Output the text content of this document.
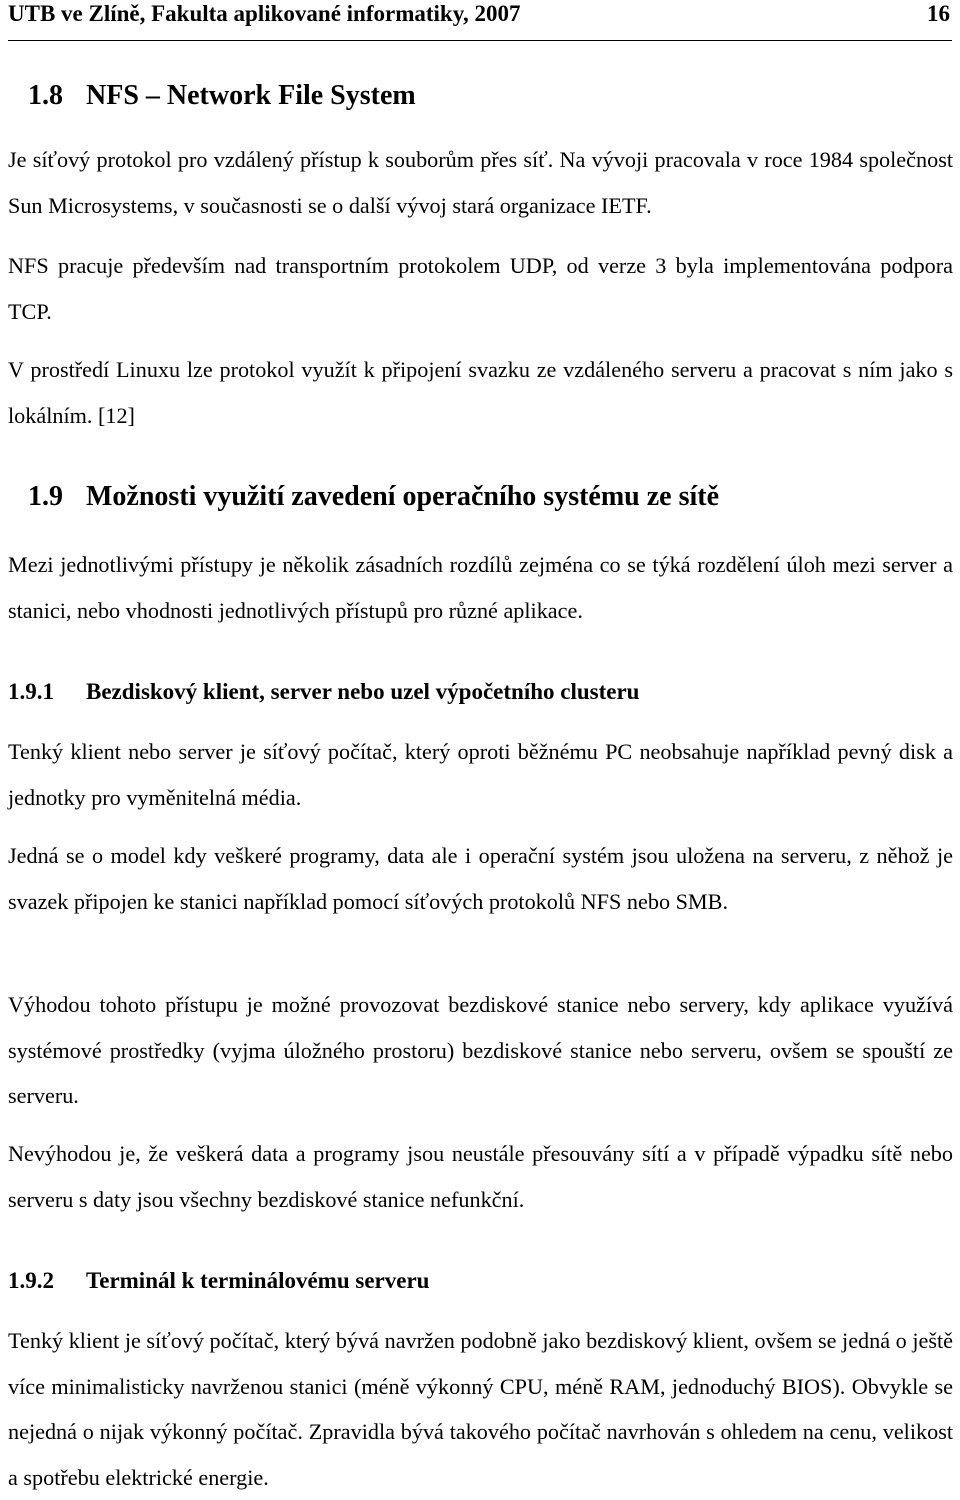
UTB ve Zlíně, Fakulta aplikované informatiky, 2007	16
1.8 NFS – Network File System
Je síťový protokol pro vzdálený přístup k souborům přes síť. Na vývoji pracovala v roce 1984 společnost Sun Microsystems, v současnosti se o další vývoj stará organizace IETF.
NFS pracuje především nad transportním protokolem UDP, od verze 3 byla implementována podpora TCP.
V prostředí Linuxu lze protokol využít k připojení svazku ze vzdáleného serveru a pracovat s ním jako s lokálním. [12]
1.9 Možnosti využití zavedení operačního systému ze sítě
Mezi jednotlivými přístupy je několik zásadních rozdílů zejména co se týká rozdělení úloh mezi server a stanici, nebo vhodnosti jednotlivých přístupů pro různé aplikace.
1.9.1 Bezdiskový klient, server nebo uzel výpočetního clusteru
Tenký klient nebo server je síťový počítač, který oproti běžnému PC neobsahuje například pevný disk a jednotky pro vyměnitelná média.
Jedná se o model kdy veškeré programy, data ale i operační systém jsou uložena na serveru, z něhož je svazek připojen ke stanici například pomocí síťových protokolů NFS nebo SMB.
Výhodou tohoto přístupu je možné provozovat bezdiskové stanice nebo servery, kdy aplikace využívá systémové prostředky (vyjma úložného prostoru) bezdiskové stanice nebo serveru, ovšem se spouští ze serveru.
Nevýhodou je, že veškerá data a programy jsou neustále přesouvány sítí a v případě výpadku sítě nebo serveru s daty jsou všechny bezdiskové stanice nefunkční.
1.9.2 Terminál k terminálovému serveru
Tenký klient je síťový počítač, který bývá navržen podobně jako bezdiskový klient, ovšem se jedná o ještě více minimalisticky navrženou stanici (méně výkonný CPU, méně RAM, jednoduchý BIOS). Obvykle se nejedná o nijak výkonný počítač. Zpravidla bývá takového počítač navrhován s ohledem na cenu, velikost a spotřebu elektrické energie.
